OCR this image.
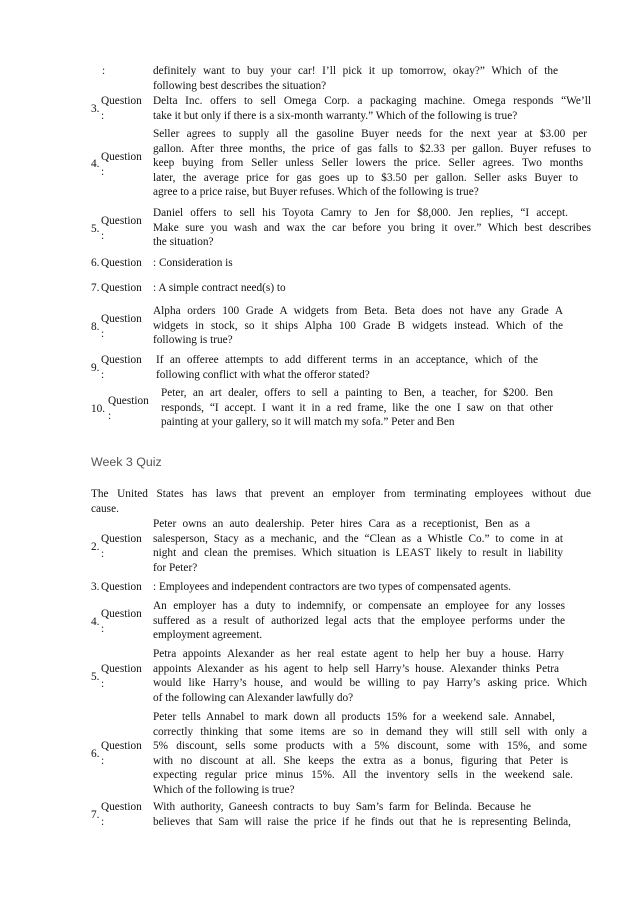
:	definitely want to buy your car! I’ll pick it up tomorrow, okay?” Which of the
following best describes the situation?
3.
Question
:
Delta Inc. offers to sell Omega Corp. a packaging machine. Omega responds “We’ll
take it but only if there is a six-month warranty.” Which of the following is true?
4.
Question
:
Seller agrees to supply all the gasoline Buyer needs for the next year at $3.00 per
gallon. After three months, the price of gas falls to $2.33 per gallon. Buyer refuses to
keep buying from Seller unless Seller lowers the price. Seller agrees. Two months
later, the average price for gas goes up to $3.50 per gallon. Seller asks Buyer to
agree to a price raise, but Buyer refuses. Which of the following is true?
5.
Question
:
Daniel offers to sell his Toyota Camry to Jen for $8,000. Jen replies, “I accept.
Make sure you wash and wax the car before you bring it over.” Which best describes
the situation?
6. Question : Consideration is
7. Question : A simple contract need(s) to
8.
Question
:
Alpha orders 100 Grade A widgets from Beta. Beta does not have any Grade A
widgets in stock, so it ships Alpha 100 Grade B widgets instead. Which of the
following is true?
9.
Question
:
If an offeree attempts to add different terms in an acceptance, which of the
following conflict with what the offeror stated?
10.
Question
:
Peter, an art dealer, offers to sell a painting to Ben, a teacher, for $200. Ben
responds, “I accept. I want it in a red frame, like the one I saw on that other
painting at your gallery, so it will match my sofa.” Peter and Ben
Week 3 Quiz
The United States has laws that prevent an employer from terminating employees without due
cause.
2.
Question
:
Peter owns an auto dealership. Peter hires Cara as a receptionist, Ben as a
salesperson, Stacy as a mechanic, and the “Clean as a Whistle Co.” to come in at
night and clean the premises. Which situation is LEAST likely to result in liability
for Peter?
3. Question : Employees and independent contractors are two types of compensated agents.
4.
Question
:
An employer has a duty to indemnify, or compensate an employee for any losses
suffered as a result of authorized legal acts that the employee performs under the
employment agreement.
5.
Question
:
Petra appoints Alexander as her real estate agent to help her buy a house. Harry
appoints Alexander as his agent to help sell Harry’s house. Alexander thinks Petra
would like Harry’s house, and would be willing to pay Harry’s asking price. Which
of the following can Alexander lawfully do?
6.
Question
:
Peter tells Annabel to mark down all products 15% for a weekend sale. Annabel,
correctly thinking that some items are so in demand they will still sell with only a
5% discount, sells some products with a 5% discount, some with 15%, and some
with no discount at all. She keeps the extra as a bonus, figuring that Peter is
expecting regular price minus 15%. All the inventory sells in the weekend sale.
Which of the following is true?
7.
Question
:
With authority, Ganeesh contracts to buy Sam’s farm for Belinda. Because he
believes that Sam will raise the price if he finds out that he is representing Belinda,
